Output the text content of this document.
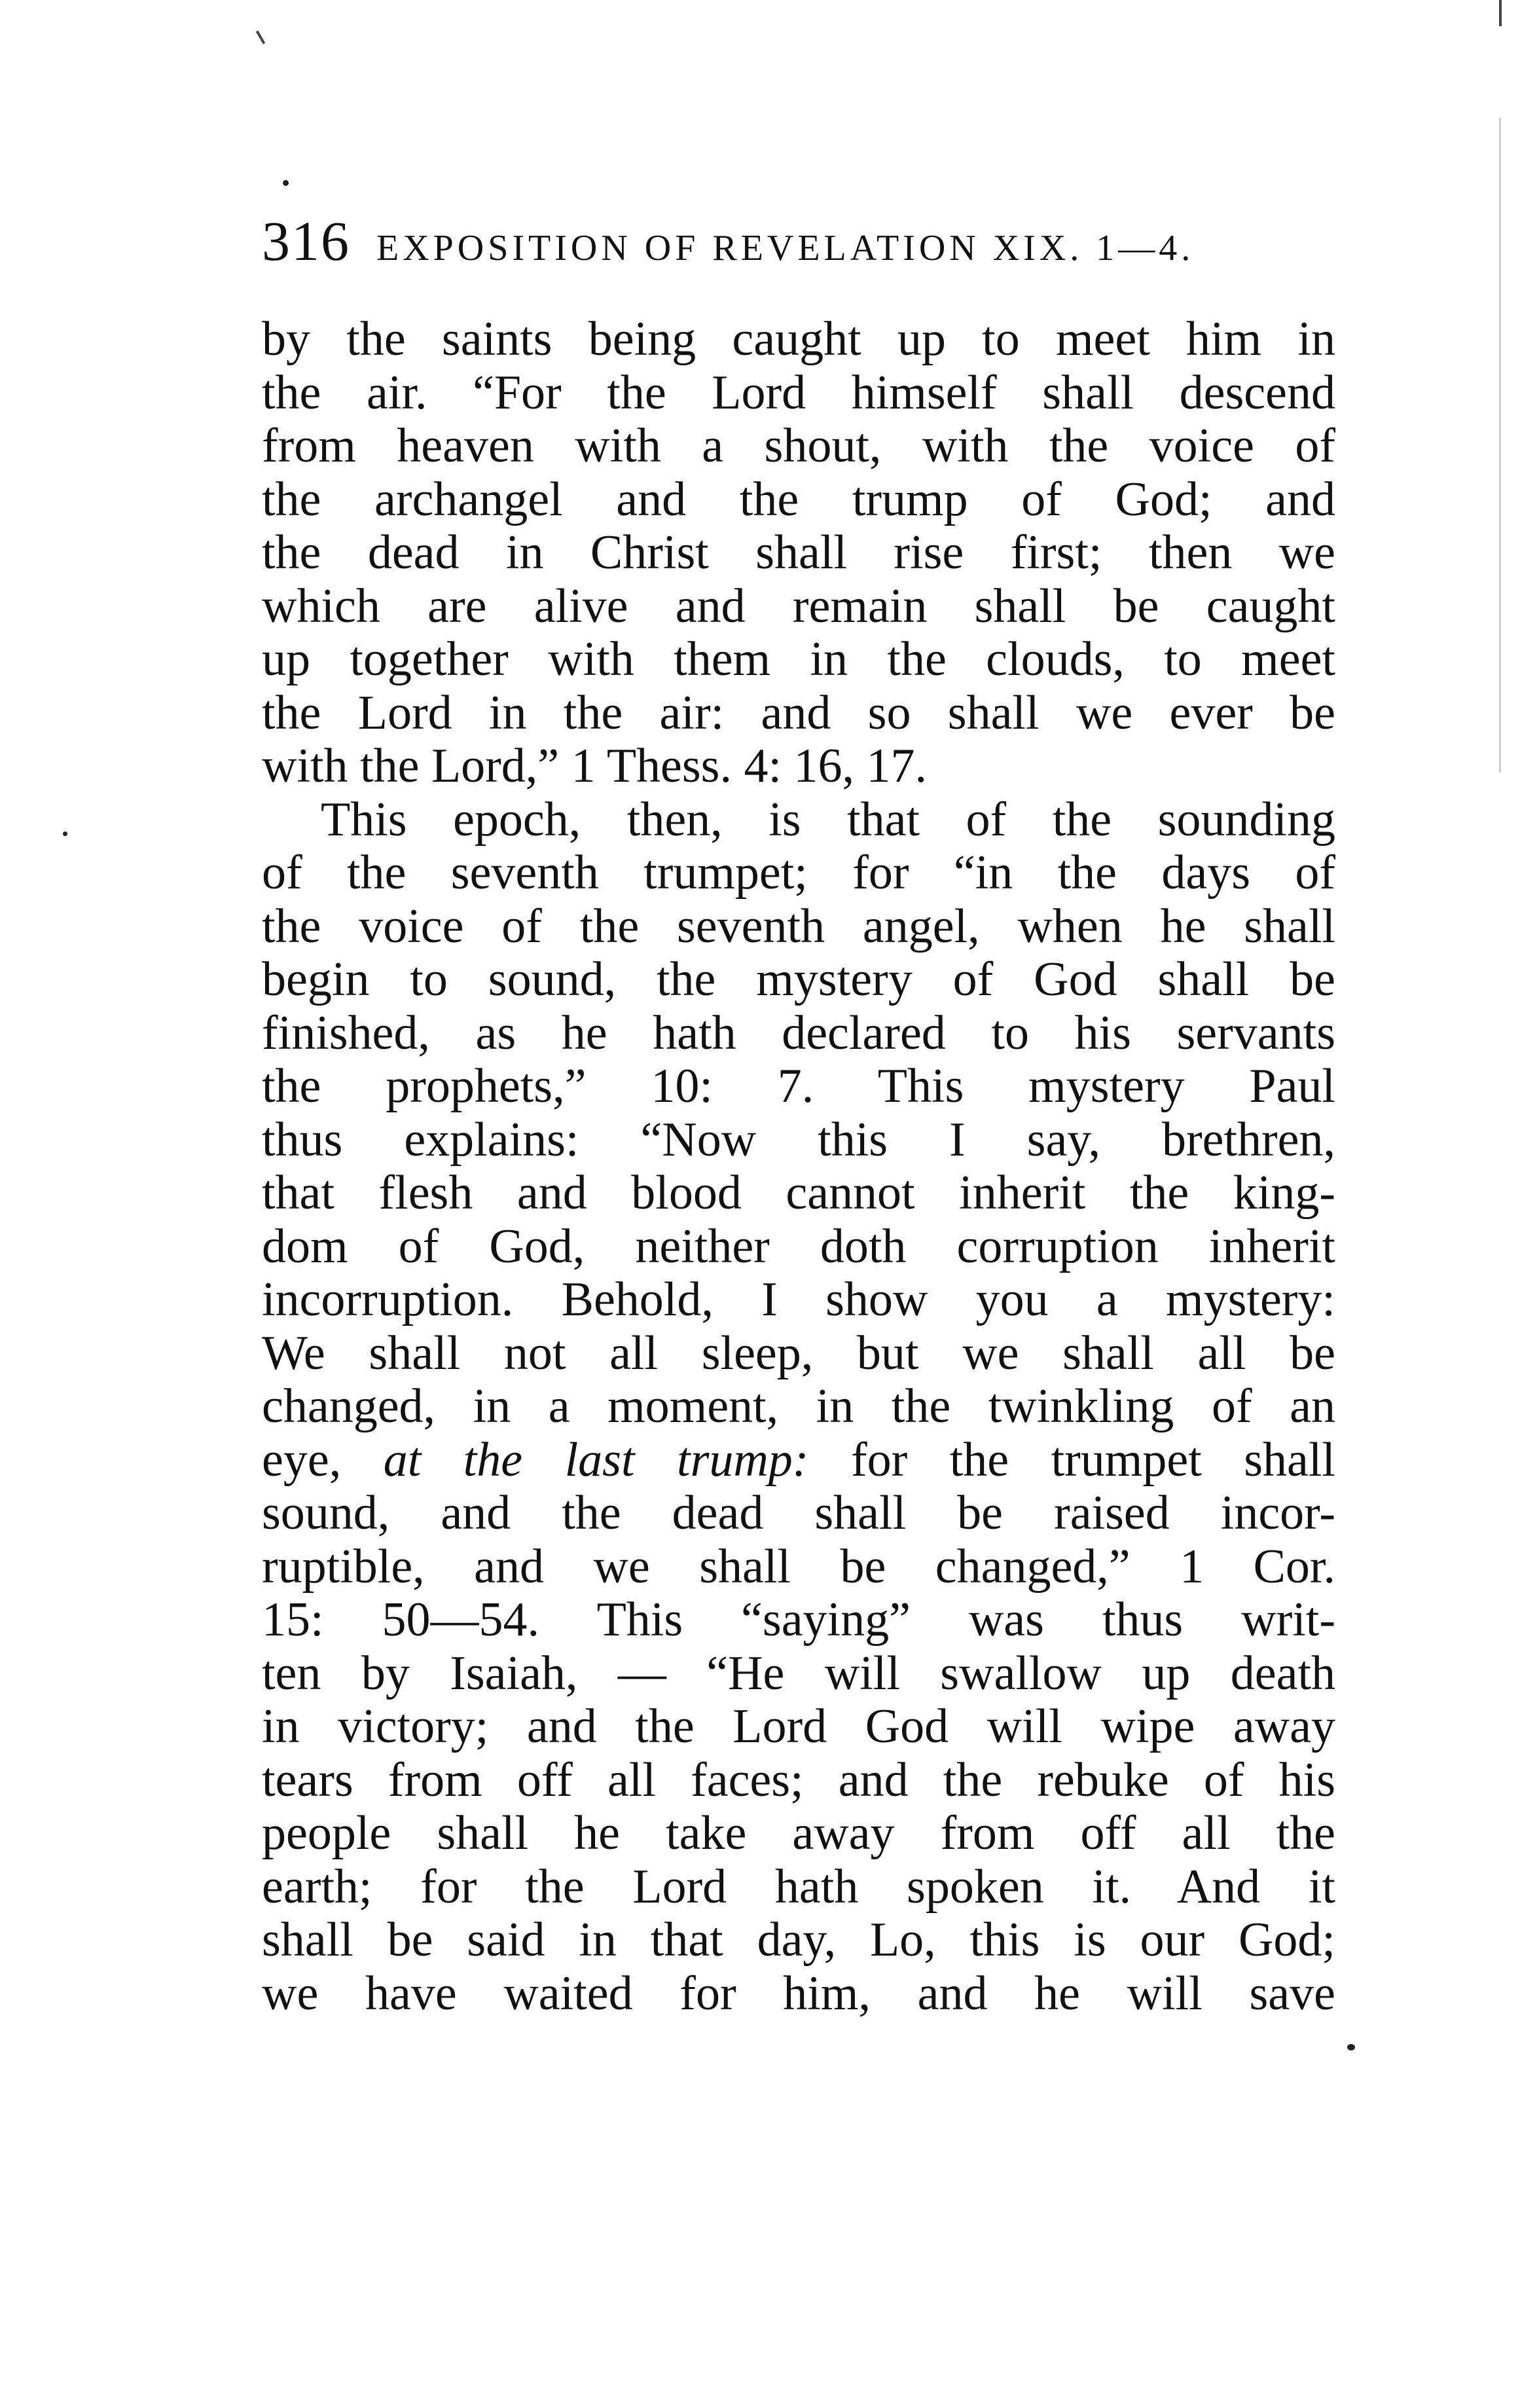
316 EXPOSITION OF REVELATION XIX. 1—4.
by the saints being caught up to meet him in
the air. “For the Lord himself shall descend
from heaven with a shout, with the voice of
the archangel and the trump of God; and
the dead in Christ shall rise first; then we
which are alive and remain shall be caught
up together with them in the clouds, to meet
the Lord in the air: and so shall we ever be
with the Lord,” 1 Thess. 4: 16, 17.
This epoch, then, is that of the sounding
of the seventh trumpet; for “in the days of
the voice of the seventh angel, when he shall
begin to sound, the mystery of God shall be
finished, as he hath declared to his servants
the prophets,” 10: 7. This mystery Paul
thus explains: “Now this I say, brethren,
that flesh and blood cannot inherit the king-
dom of God, neither doth corruption inherit
incorruption. Behold, I show you a mystery:
We shall not all sleep, but we shall all be
changed, in a moment, in the twinkling of an
eye, at the last trump: for the trumpet shall
sound, and the dead shall be raised incor-
ruptible, and we shall be changed,” 1 Cor.
15: 50—54. This “saying” was thus writ-
ten by Isaiah, — “He will swallow up death
in victory; and the Lord God will wipe away
tears from off all faces; and the rebuke of his
people shall he take away from off all the
earth; for the Lord hath spoken it. And it
shall be said in that day, Lo, this is our God;
we have waited for him, and he will save
